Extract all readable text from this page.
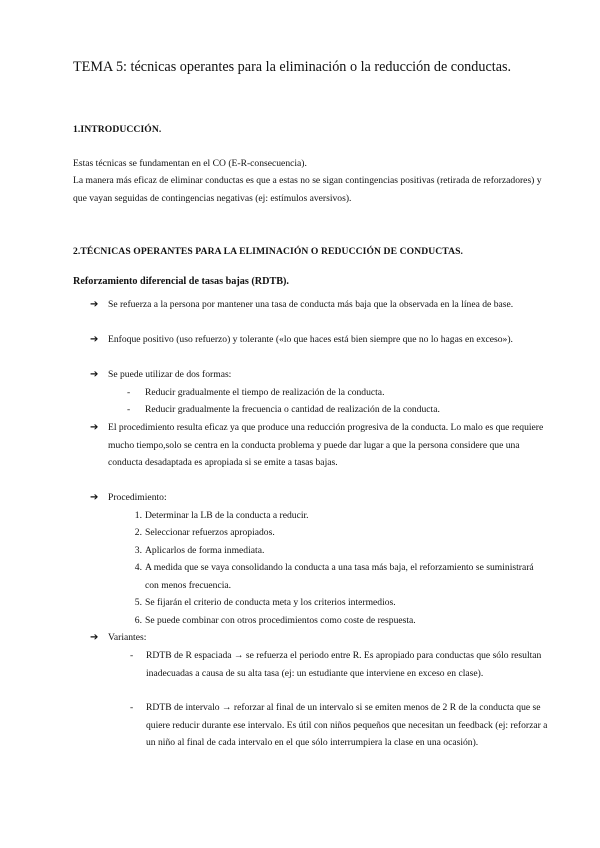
TEMA 5: técnicas operantes para la eliminación o la reducción de conductas.
1.INTRODUCCIÓN.
Estas técnicas se fundamentan en el CO (E-R-consecuencia).
La manera más eficaz de eliminar conductas es que a estas no se sigan contingencias positivas (retirada de reforzadores) y que vayan seguidas de contingencias negativas (ej: estímulos aversivos).
2.TÉCNICAS OPERANTES PARA LA ELIMINACIÓN O REDUCCIÓN DE CONDUCTAS.
Reforzamiento diferencial de tasas bajas (RDTB).
➔ Se refuerza a la persona por mantener una tasa de conducta más baja que la observada en la línea de base.
➔ Enfoque positivo (uso refuerzo) y tolerante («lo que haces está bien siempre que no lo hagas en exceso»).
➔ Se puede utilizar de dos formas:
- Reducir gradualmente el tiempo de realización de la conducta.
- Reducir gradualmente la frecuencia o cantidad de realización de la conducta.
➔ El procedimiento resulta eficaz ya que produce una reducción progresiva de la conducta. Lo malo es que requiere mucho tiempo,solo se centra en la conducta problema y puede dar lugar a que la persona considere que una conducta desadaptada es apropiada si se emite a tasas bajas.
➔ Procedimiento:
1. Determinar la LB de la conducta a reducir.
2. Seleccionar refuerzos apropiados.
3. Aplicarlos de forma inmediata.
4. A medida que se vaya consolidando la conducta a una tasa más baja, el reforzamiento se suministrará con menos frecuencia.
5. Se fijarán el criterio de conducta meta y los criterios intermedios.
6. Se puede combinar con otros procedimientos como coste de respuesta.
➔ Variantes:
- RDTB de R espaciada → se refuerza el periodo entre R. Es apropiado para conductas que sólo resultan inadecuadas a causa de su alta tasa (ej: un estudiante que interviene en exceso en clase).
- RDTB de intervalo → reforzar al final de un intervalo si se emiten menos de 2 R de la conducta que se quiere reducir durante ese intervalo. Es útil con niños pequeños que necesitan un feedback (ej: reforzar a un niño al final de cada intervalo en el que sólo interrumpiera la clase en una ocasión).
